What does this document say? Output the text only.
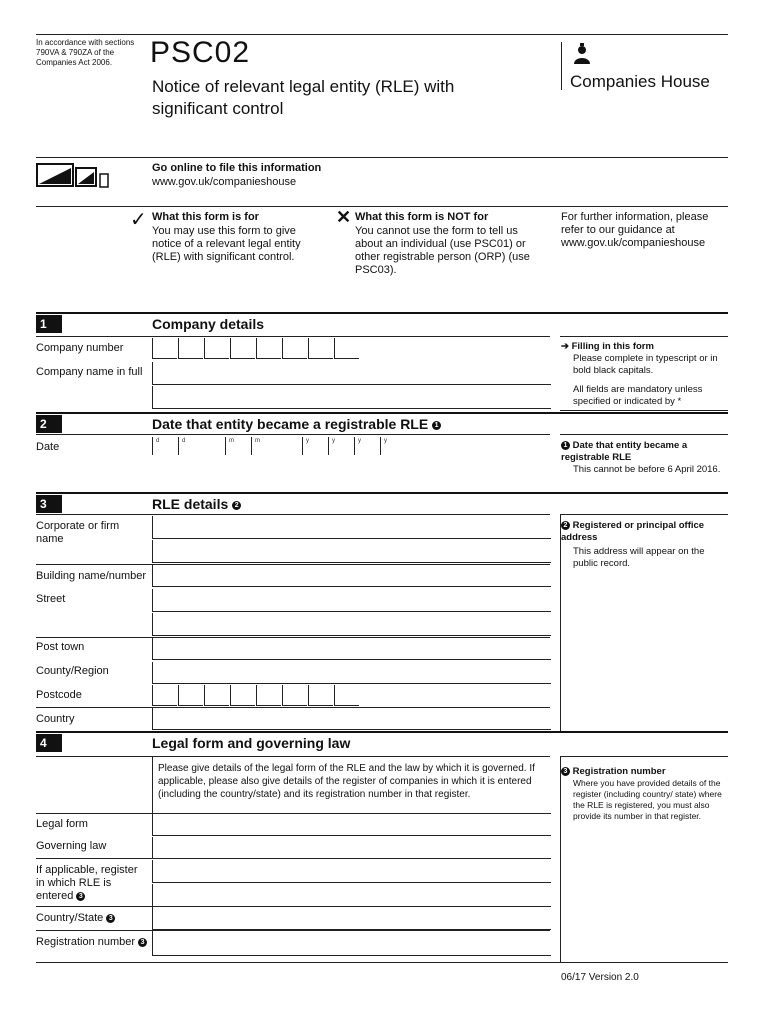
In accordance with sections 790VA & 790ZA of the Companies Act 2006.	PSC02
Notice of relevant legal entity (RLE) with significant control
Companies House
Go online to file this information
www.gov.uk/companieshouse
✓ What this form is for
You may use this form to give notice of a relevant legal entity (RLE) with significant control.
✕ What this form is NOT for
You cannot use the form to tell us about an individual (use PSC01) or other registrable person (ORP) (use PSC03).
For further information, please refer to our guidance at www.gov.uk/companieshouse
1	Company details
Company number
Company name in full
➔ Filling in this form
Please complete in typescript or in bold black capitals.
All fields are mandatory unless specified or indicated by *
2	Date that entity became a registrable RLE 1
Date	d	d	m	m	y	y	y	y
1 Date that entity became a registrable RLE
This cannot be before 6 April 2016.
3	RLE details 2
Corporate or firm name
Building name/number
Street
Post town
County/Region
Postcode
Country
2 Registered or principal office address
This address will appear on the public record.
4	Legal form and governing law
Please give details of the legal form of the RLE and the law by which it is governed. If applicable, please also give details of the register of companies in which it is entered (including the country/state) and its registration number in that register.
Legal form
Governing law
If applicable, register in which RLE is entered 3
Country/State 3
Registration number 3
3 Registration number
Where you have provided details of the register (including country/ state) where the RLE is registered, you must also provide its number in that register.
06/17 Version 2.0
